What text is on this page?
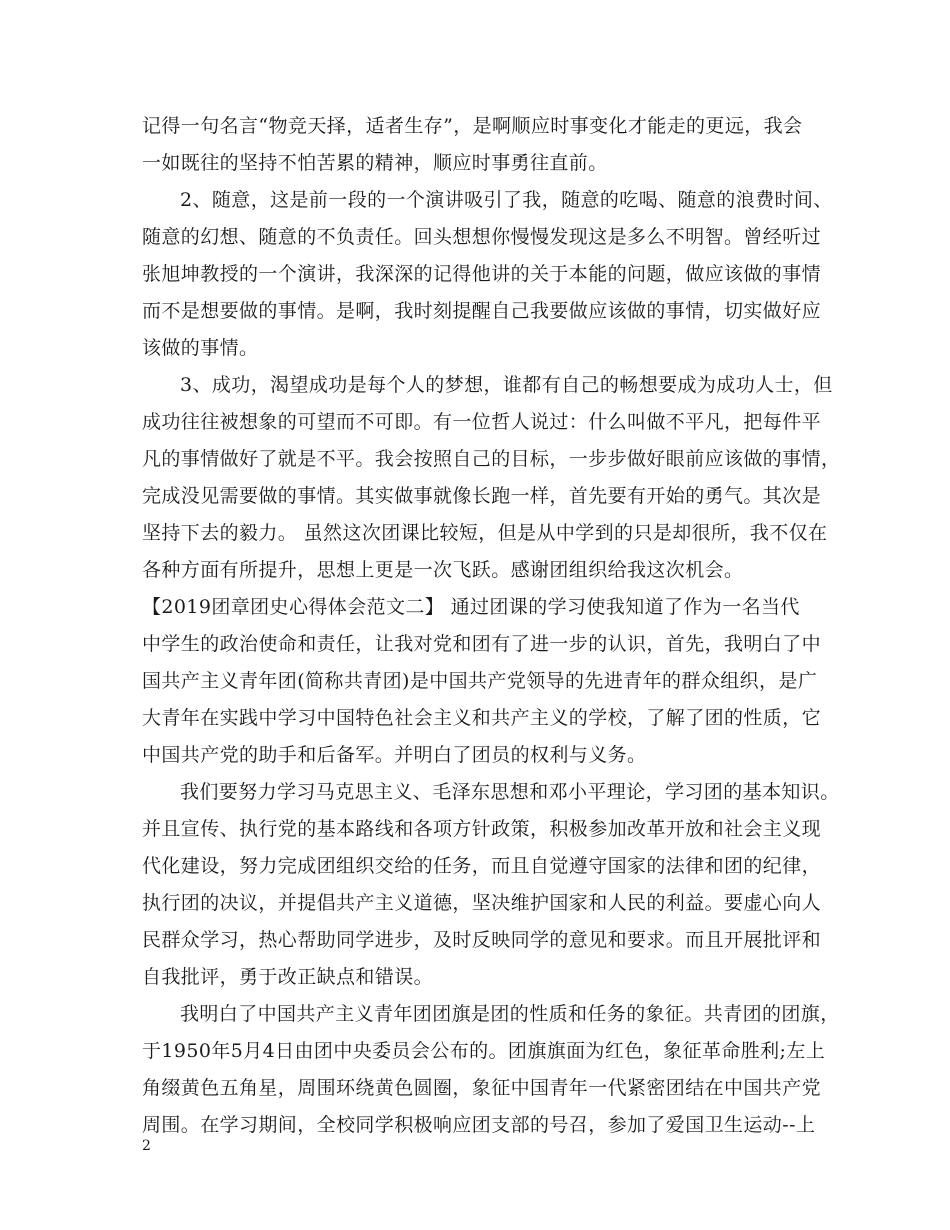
记得一句名言“物竞天择，适者生存”，是啊顺应时事变化才能走的更远，我会
一如既往的坚持不怕苦累的精神，顺应时事勇往直前。
2、随意，这是前一段的一个演讲吸引了我，随意的吃喝、随意的浪费时间、
随意的幻想、随意的不负责任。回头想想你慢慢发现这是多么不明智。曾经听过
张旭坤教授的一个演讲，我深深的记得他讲的关于本能的问题，做应该做的事情
而不是想要做的事情。是啊，我时刻提醒自己我要做应该做的事情，切实做好应
该做的事情。
3、成功，渴望成功是每个人的梦想，谁都有自己的畅想要成为成功人士，但
成功往往被想象的可望而不可即。有一位哲人说过：什么叫做不平凡，把每件平
凡的事情做好了就是不平。我会按照自己的目标，一步步做好眼前应该做的事情，
完成没见需要做的事情。其实做事就像长跑一样，首先要有开始的勇气。其次是
坚持下去的毅力。 虽然这次团课比较短，但是从中学到的只是却很所，我不仅在
各种方面有所提升，思想上更是一次飞跃。感谢团组织给我这次机会。
【2019团章团史心得体会范文二】 通过团课的学习使我知道了作为一名当代
中学生的政治使命和责任，让我对党和团有了进一步的认识，首先，我明白了中
国共产主义青年团(简称共青团)是中国共产党领导的先进青年的群众组织，是广
大青年在实践中学习中国特色社会主义和共产主义的学校，了解了团的性质，它
中国共产党的助手和后备军。并明白了团员的权利与义务。
我们要努力学习马克思主义、毛泽东思想和邓小平理论，学习团的基本知识。
并且宣传、执行党的基本路线和各项方针政策，积极参加改革开放和社会主义现
代化建设，努力完成团组织交给的任务，而且自觉遵守国家的法律和团的纪律，
执行团的决议，并提倡共产主义道德，坚决维护国家和人民的利益。要虚心向人
民群众学习，热心帮助同学进步，及时反映同学的意见和要求。而且开展批评和
自我批评，勇于改正缺点和错误。
我明白了中国共产主义青年团团旗是团的性质和任务的象征。共青团的团旗，
于1950年5月4日由团中央委员会公布的。团旗旗面为红色，象征革命胜利;左上
角缀黄色五角星，周围环绕黄色圆圈，象征中国青年一代紧密团结在中国共产党
周围。在学习期间，全校同学积极响应团支部的号召，参加了爱国卫生运动--上
2
